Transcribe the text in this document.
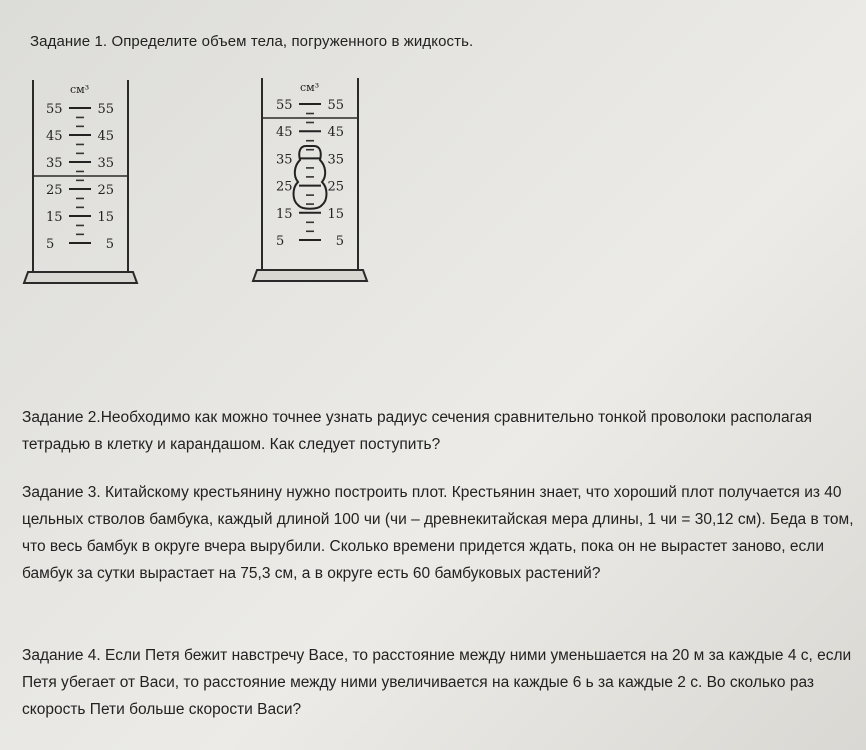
Задание 1. Определите объем тела, погруженного в жидкость.
см³
55	55
45	45
35	35
25	25
15	15
5	5
см³
55	55
45	45
35	35
25	25
15	15
5	5

Задание 2.Необходимо как можно точнее узнать радиус сечения сравнительно тонкой проволоки располагая тетрадью в клетку и карандашом. Как следует поступить?

Задание 3. Китайскому крестьянину нужно построить плот. Крестьянин знает, что хороший плот получается из 40 цельных стволов бамбука, каждый длиной 100 чи (чи – древнекитайская мера длины, 1 чи = 30,12 см). Беда в том, что весь бамбук в округе вчера вырубили. Сколько времени придется ждать, пока он не вырастет заново, если бамбук за сутки вырастает на 75,3 см, а в округе есть 60 бамбуковых растений?

Задание 4. Если Петя бежит навстречу Васе, то расстояние между ними уменьшается на 20 м за каждые 4 с, если Петя убегает от Васи, то расстояние между ними увеличивается на каждые 6 ь за каждые 2 с. Во сколько раз скорость Пети больше скорости Васи?
